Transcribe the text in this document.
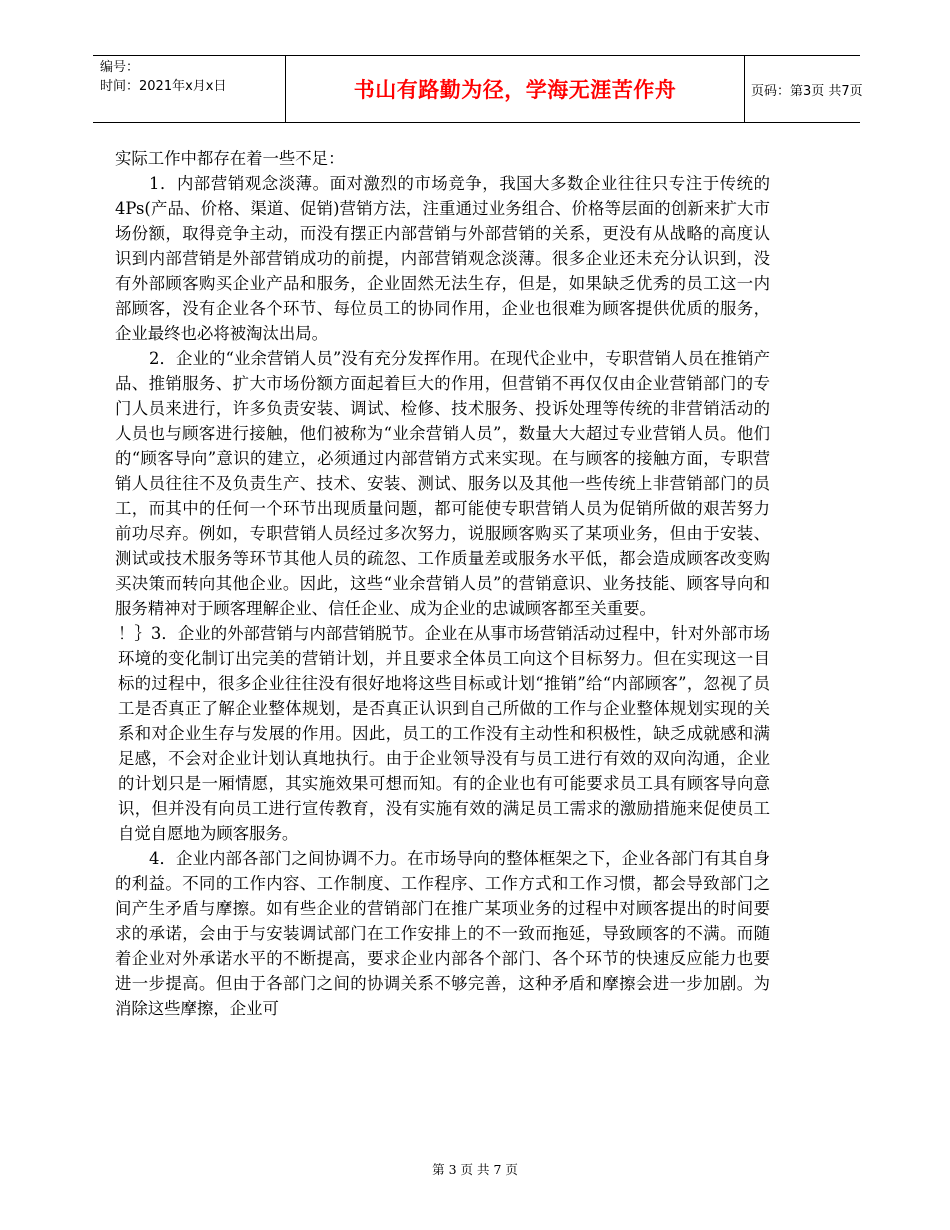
编号：
时间：2021年x月x日	书山有路勤为径，学海无涯苦作舟	页码：第3页 共7页

实际工作中都存在着一些不足：

1．内部营销观念淡薄。面对激烈的市场竞争，我国大多数企业往往只专注于传统的4Ps(产品、价格、渠道、促销)营销方法，注重通过业务组合、价格等层面的创新来扩大市场份额，取得竞争主动，而没有摆正内部营销与外部营销的关系，更没有从战略的高度认识到内部营销是外部营销成功的前提，内部营销观念淡薄。很多企业还未充分认识到，没有外部顾客购买企业产品和服务，企业固然无法生存，但是，如果缺乏优秀的员工这一内部顾客，没有企业各个环节、每位员工的协同作用，企业也很难为顾客提供优质的服务，企业最终也必将被淘汰出局。

2．企业的“业余营销人员”没有充分发挥作用。在现代企业中，专职营销人员在推销产品、推销服务、扩大市场份额方面起着巨大的作用，但营销不再仅仅由企业营销部门的专门人员来进行，许多负责安装、调试、检修、技术服务、投诉处理等传统的非营销活动的人员也与顾客进行接触，他们被称为“业余营销人员”，数量大大超过专业营销人员。他们的“顾客导向”意识的建立，必须通过内部营销方式来实现。在与顾客的接触方面，专职营销人员往往不及负责生产、技术、安装、测试、服务以及其他一些传统上非营销部门的员工，而其中的任何一个环节出现质量问题，都可能使专职营销人员为促销所做的艰苦努力前功尽弃。例如，专职营销人员经过多次努力，说服顾客购买了某项业务，但由于安装、测试或技术服务等环节其他人员的疏忽、工作质量差或服务水平低，都会造成顾客改变购买决策而转向其他企业。因此，这些“业余营销人员”的营销意识、业务技能、顾客导向和服务精神对于顾客理解企业、信任企业、成为企业的忠诚顾客都至关重要。

！｝3．企业的外部营销与内部营销脱节。企业在从事市场营销活动过程中，针对外部市场环境的变化制订出完美的营销计划，并且要求全体员工向这个目标努力。但在实现这一目标的过程中，很多企业往往没有很好地将这些目标或计划“推销”给“内部顾客”，忽视了员工是否真正了解企业整体规划，是否真正认识到自己所做的工作与企业整体规划实现的关系和对企业生存与发展的作用。因此，员工的工作没有主动性和积极性，缺乏成就感和满足感，不会对企业计划认真地执行。由于企业领导没有与员工进行有效的双向沟通，企业的计划只是一厢情愿，其实施效果可想而知。有的企业也有可能要求员工具有顾客导向意识，但并没有向员工进行宣传教育，没有实施有效的满足员工需求的激励措施来促使员工自觉自愿地为顾客服务。

4．企业内部各部门之间协调不力。在市场导向的整体框架之下，企业各部门有其自身的利益。不同的工作内容、工作制度、工作程序、工作方式和工作习惯，都会导致部门之间产生矛盾与摩擦。如有些企业的营销部门在推广某项业务的过程中对顾客提出的时间要求的承诺，会由于与安装调试部门在工作安排上的不一致而拖延，导致顾客的不满。而随着企业对外承诺水平的不断提高，要求企业内部各个部门、各个环节的快速反应能力也要进一步提高。但由于各部门之间的协调关系不够完善，这种矛盾和摩擦会进一步加剧。为消除这些摩擦，企业可

第 3 页 共 7 页
